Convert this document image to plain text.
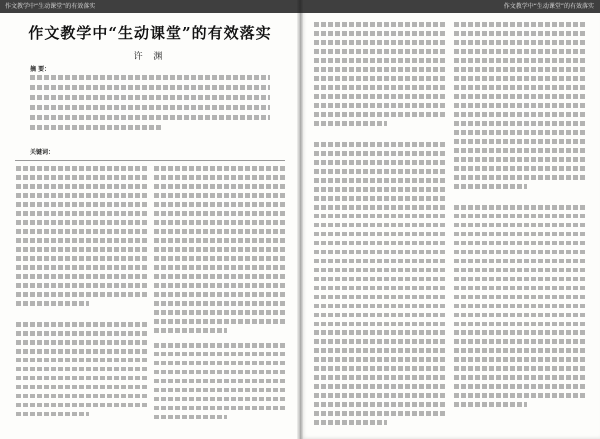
作文教学中“生动课堂”的有效落实
作文教学中“生动课堂”的有效落实
许 渊
摘 要：
关键词：
作文教学中“生动课堂”的有效落实
